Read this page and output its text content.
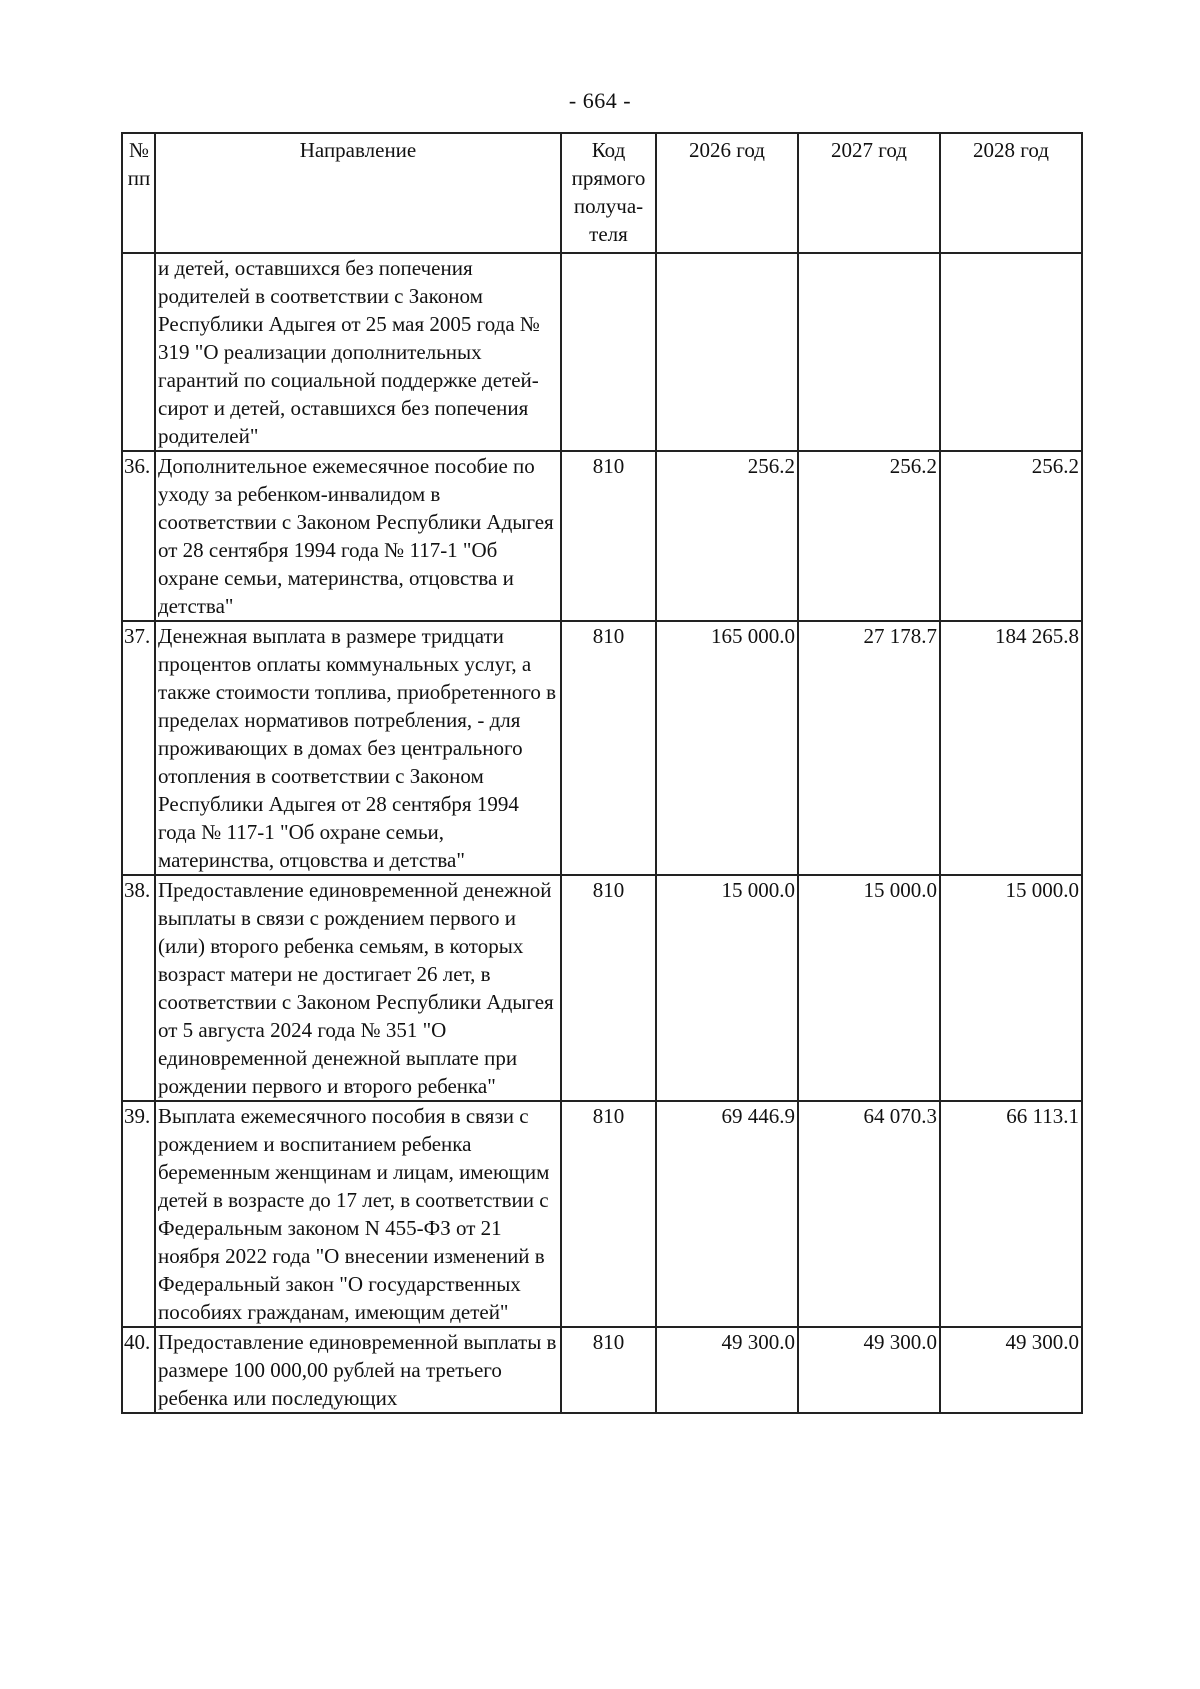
- 664 -
№ пп	Направление	Код прямого получа-теля	2026 год	2027 год	2028 год
	и детей, оставшихся без попечения родителей в соответствии с Законом Республики Адыгея от 25 мая 2005 года № 319 "О реализации дополнительных гарантий по социальной поддержке детей-сирот и детей, оставшихся без попечения родителей"				
36.	Дополнительное ежемесячное пособие по уходу за ребенком-инвалидом в соответствии с Законом Республики Адыгея от 28 сентября 1994 года № 117-1 "Об охране семьи, материнства, отцовства и детства"	810	256.2	256.2	256.2
37.	Денежная выплата в размере тридцати процентов оплаты коммунальных услуг, а также стоимости топлива, приобретенного в пределах нормативов потребления, - для проживающих в домах без центрального отопления в соответствии с Законом Республики Адыгея от 28 сентября 1994 года № 117-1 "Об охране семьи, материнства, отцовства и детства"	810	165 000.0	27 178.7	184 265.8
38.	Предоставление единовременной денежной выплаты в связи с рождением первого и (или) второго ребенка семьям, в которых возраст матери не достигает 26 лет, в соответствии с Законом Республики Адыгея от 5 августа 2024 года № 351 "О единовременной денежной выплате при рождении первого и второго ребенка"	810	15 000.0	15 000.0	15 000.0
39.	Выплата ежемесячного пособия в связи с рождением и воспитанием ребенка беременным женщинам и лицам, имеющим детей в возрасте до 17 лет, в соответствии с Федеральным законом N 455-ФЗ от 21 ноября 2022 года "О внесении изменений в Федеральный закон "О государственных пособиях гражданам, имеющим детей"	810	69 446.9	64 070.3	66 113.1
40.	Предоставление единовременной выплаты в размере 100 000,00 рублей на третьего ребенка или последующих	810	49 300.0	49 300.0	49 300.0
